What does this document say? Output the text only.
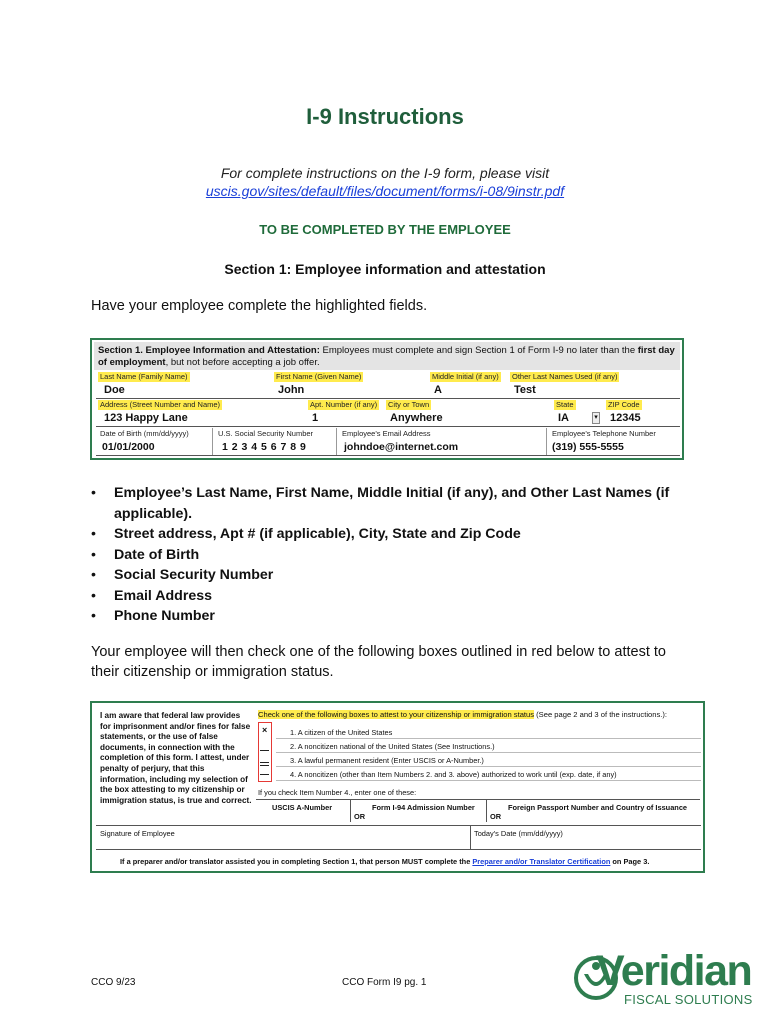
I-9 Instructions
For complete instructions on the I-9 form, please visit
uscis.gov/sites/default/files/document/forms/i-08/9instr.pdf
TO BE COMPLETED BY THE EMPLOYEE
Section 1: Employee information and attestation
Have your employee complete the highlighted fields.
Section 1. Employee Information and Attestation: Employees must complete and sign Section 1 of Form I-9 no later than the first day of employment, but not before accepting a job offer.
Last Name (Family Name)	First Name (Given Name)	Middle Initial (if any) Other Last Names Used (if any)
Doe	John	A	Test
Address (Street Number and Name)	Apt. Number (if any) City or Town	State	ZIP Code
123 Happy Lane	1	Anywhere	IA	▾ 12345
Date of Birth (mm/dd/yyyy)	U.S. Social Security Number	Employee's Email Address	Employee's Telephone Number
01/01/2000	1 2 3 4 5 6 7 8 9	johndoe@internet.com	(319) 555-5555
• Employee’s Last Name, First Name, Middle Initial (if any), and Other Last Names (if applicable).
• Street address, Apt # (if applicable), City, State and Zip Code
• Date of Birth
• Social Security Number
• Email Address
• Phone Number
Your employee will then check one of the following boxes outlined in red below to attest to their citizenship or immigration status.
I am aware that federal law provides for imprisonment and/or fines for false statements, or the use of false documents, in connection with the completion of this form. I attest, under penalty of perjury, that this information, including my selection of the box attesting to my citizenship or immigration status, is true and correct.
Check one of the following boxes to attest to your citizenship or immigration status (See page 2 and 3 of the instructions.):
×	1. A citizen of the United States
2. A noncitizen national of the United States (See Instructions.)
3. A lawful permanent resident (Enter USCIS or A-Number.)
4. A noncitizen (other than Item Numbers 2. and 3. above) authorized to work until (exp. date, if any)
If you check Item Number 4., enter one of these:
USCIS A-Number
OR
Form I-94 Admission Number
OR
Foreign Passport Number and Country of Issuance
Signature of Employee	Today's Date (mm/dd/yyyy)
If a preparer and/or translator assisted you in completing Section 1, that person MUST complete the Preparer and/or Translator Certification on Page 3.
CCO 9/23	CCO Form I9 pg. 1	Veridian
FISCAL SOLUTIONS
